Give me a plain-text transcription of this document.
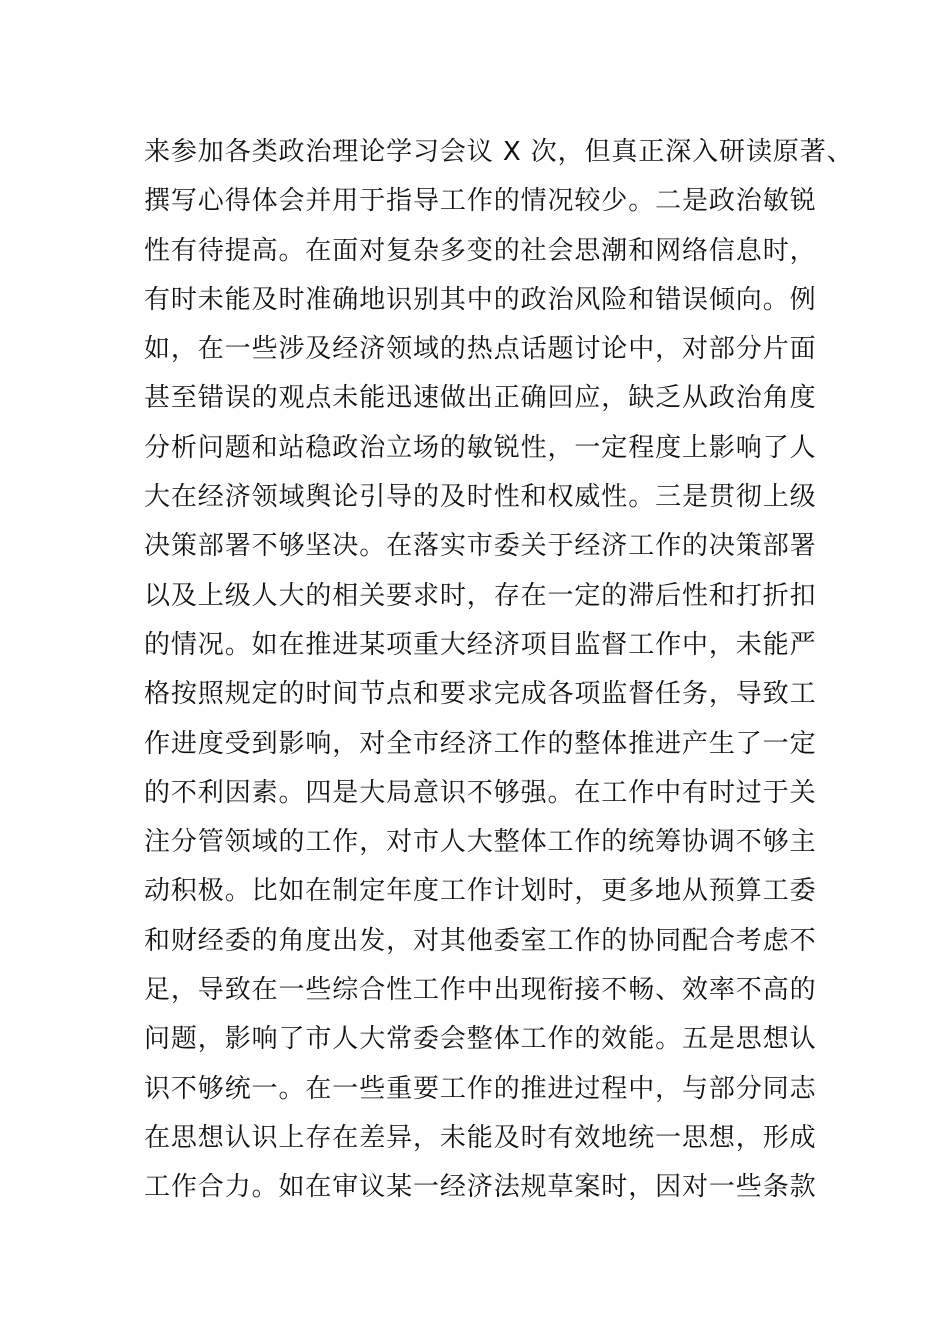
来参加各类政治理论学习会议 X 次，但真正深入研读原著、
撰写心得体会并用于指导工作的情况较少。二是政治敏锐
性有待提高。在面对复杂多变的社会思潮和网络信息时，
有时未能及时准确地识别其中的政治风险和错误倾向。例
如，在一些涉及经济领域的热点话题讨论中，对部分片面
甚至错误的观点未能迅速做出正确回应，缺乏从政治角度
分析问题和站稳政治立场的敏锐性，一定程度上影响了人
大在经济领域舆论引导的及时性和权威性。三是贯彻上级
决策部署不够坚决。在落实市委关于经济工作的决策部署
以及上级人大的相关要求时，存在一定的滞后性和打折扣
的情况。如在推进某项重大经济项目监督工作中，未能严
格按照规定的时间节点和要求完成各项监督任务，导致工
作进度受到影响，对全市经济工作的整体推进产生了一定
的不利因素。四是大局意识不够强。在工作中有时过于关
注分管领域的工作，对市人大整体工作的统筹协调不够主
动积极。比如在制定年度工作计划时，更多地从预算工委
和财经委的角度出发，对其他委室工作的协同配合考虑不
足，导致在一些综合性工作中出现衔接不畅、效率不高的
问题，影响了市人大常委会整体工作的效能。五是思想认
识不够统一。在一些重要工作的推进过程中，与部分同志
在思想认识上存在差异，未能及时有效地统一思想，形成
工作合力。如在审议某一经济法规草案时，因对一些条款
